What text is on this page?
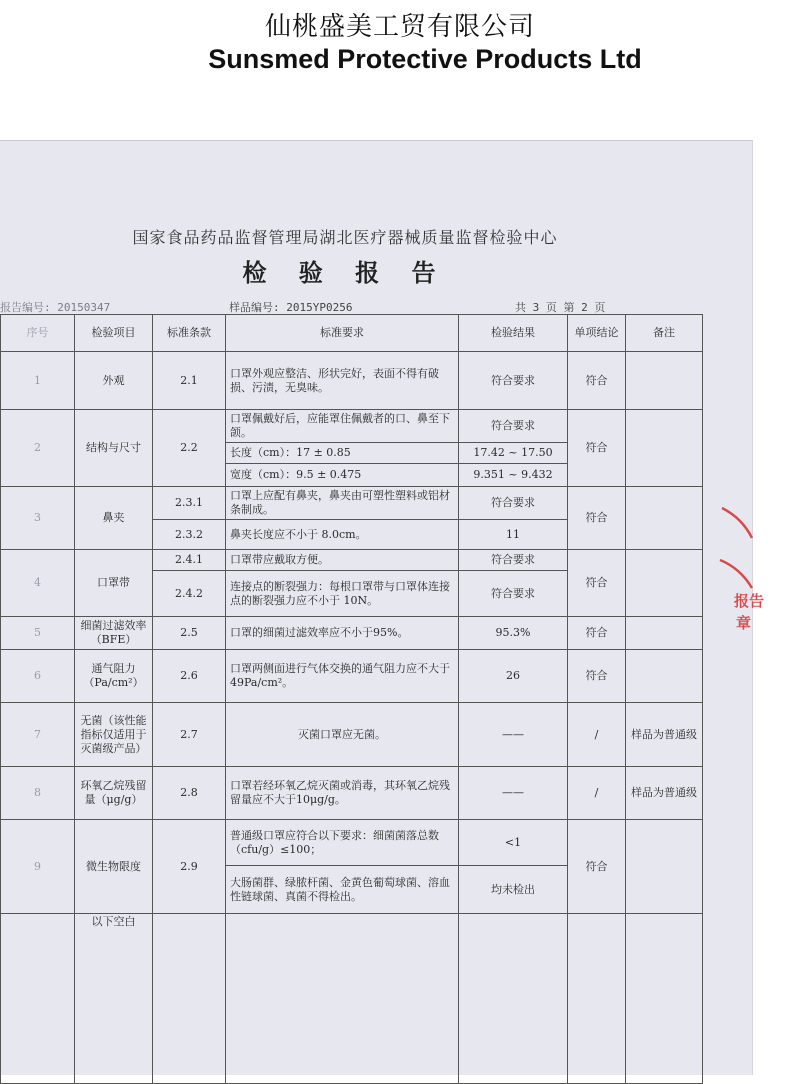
仙桃盛美工贸有限公司
Sunsmed Protective Products Ltd
国家食品药品监督管理局湖北医疗器械质量监督检验中心
检 验 报 告
报告编号: 20150347	样品编号: 2015YP0256	共 3 页 第 2 页
序号	检验项目	标准条款	标准要求	检验结果	单项结论	备注
1	外观	2.1	口罩外观应整洁、形状完好，表面不得有破损、污渍，无臭味。	符合要求	符合	
2	结构与尺寸	2.2	口罩佩戴好后，应能罩住佩戴者的口、鼻至下颌。	符合要求	符合	
			长度（cm）：17 ± 0.85	17.42 ~ 17.50		
			宽度（cm）：9.5 ± 0.475	9.351 ~ 9.432		
3	鼻夹	2.3.1	口罩上应配有鼻夹，鼻夹由可塑性塑料或铝材条制成。	符合要求	符合	
		2.3.2	鼻夹长度应不小于 8.0cm。	11		
4	口罩带	2.4.1	口罩带应戴取方便。	符合要求	符合	
		2.4.2	连接点的断裂强力：每根口罩带与口罩体连接点的断裂强力应不小于 10N。	符合要求		
5	细菌过滤效率（BFE）	2.5	口罩的细菌过滤效率应不小于95%。	95.3%	符合	
6	通气阻力（Pa/cm²）	2.6	口罩两侧面进行气体交换的通气阻力应不大于49Pa/cm²。	26	符合	
7	无菌（该性能指标仅适用于灭菌级产品）	2.7	灭菌口罩应无菌。	——	/	样品为普通级
8	环氧乙烷残留量（μg/g）	2.8	口罩若经环氧乙烷灭菌或消毒，其环氧乙烷残留量应不大于10μg/g。	——	/	样品为普通级
9	微生物限度	2.9	普通级口罩应符合以下要求：细菌菌落总数（cfu/g）≤100；	<1	符合	
			大肠菌群、绿脓杆菌、金黄色葡萄球菌、溶血性链球菌、真菌不得检出。	均未检出		
	以下空白					
报告
章
